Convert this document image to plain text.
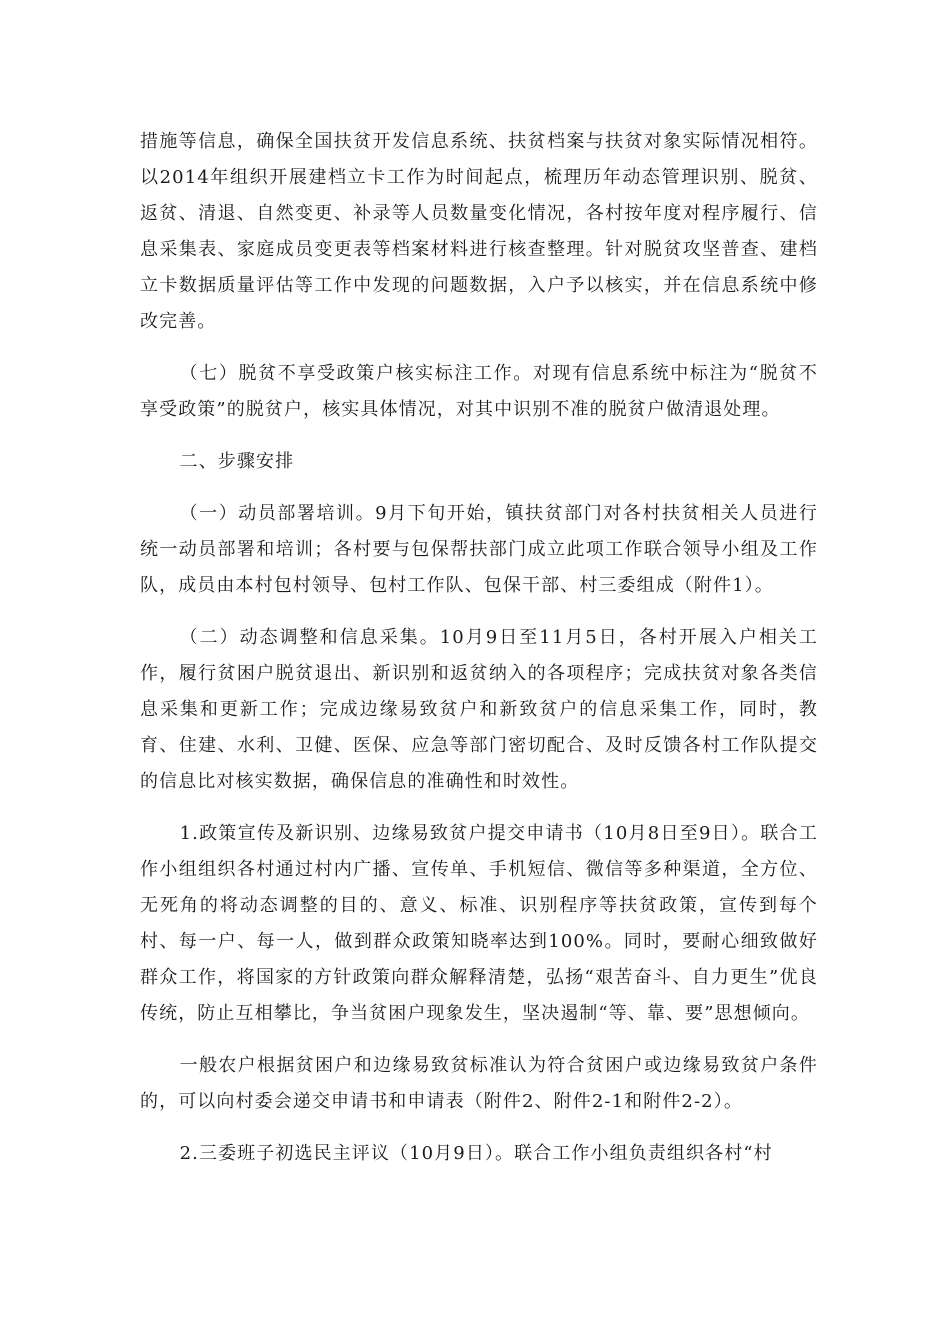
措施等信息，确保全国扶贫开发信息系统、扶贫档案与扶贫对象实际情况相符。以2014年组织开展建档立卡工作为时间起点，梳理历年动态管理识别、脱贫、返贫、清退、自然变更、补录等人员数量变化情况，各村按年度对程序履行、信息采集表、家庭成员变更表等档案材料进行核查整理。针对脱贫攻坚普查、建档立卡数据质量评估等工作中发现的问题数据，入户予以核实，并在信息系统中修改完善。

（七）脱贫不享受政策户核实标注工作。对现有信息系统中标注为“脱贫不享受政策”的脱贫户，核实具体情况，对其中识别不准的脱贫户做清退处理。

二、步骤安排

（一）动员部署培训。9月下旬开始，镇扶贫部门对各村扶贫相关人员进行统一动员部署和培训；各村要与包保帮扶部门成立此项工作联合领导小组及工作队，成员由本村包村领导、包村工作队、包保干部、村三委组成（附件1）。

（二）动态调整和信息采集。10月9日至11月5日，各村开展入户相关工作，履行贫困户脱贫退出、新识别和返贫纳入的各项程序；完成扶贫对象各类信息采集和更新工作；完成边缘易致贫户和新致贫户的信息采集工作，同时，教育、住建、水利、卫健、医保、应急等部门密切配合、及时反馈各村工作队提交的信息比对核实数据，确保信息的准确性和时效性。

1.政策宣传及新识别、边缘易致贫户提交申请书（10月8日至9日）。联合工作小组组织各村通过村内广播、宣传单、手机短信、微信等多种渠道，全方位、无死角的将动态调整的目的、意义、标准、识别程序等扶贫政策，宣传到每个村、每一户、每一人，做到群众政策知晓率达到100%。同时，要耐心细致做好群众工作，将国家的方针政策向群众解释清楚，弘扬“艰苦奋斗、自力更生”优良传统，防止互相攀比，争当贫困户现象发生，坚决遏制“等、靠、要”思想倾向。

一般农户根据贫困户和边缘易致贫标准认为符合贫困户或边缘易致贫户条件的，可以向村委会递交申请书和申请表（附件2、附件2-1和附件2-2）。

2.三委班子初选民主评议（10月9日）。联合工作小组负责组织各村“村
